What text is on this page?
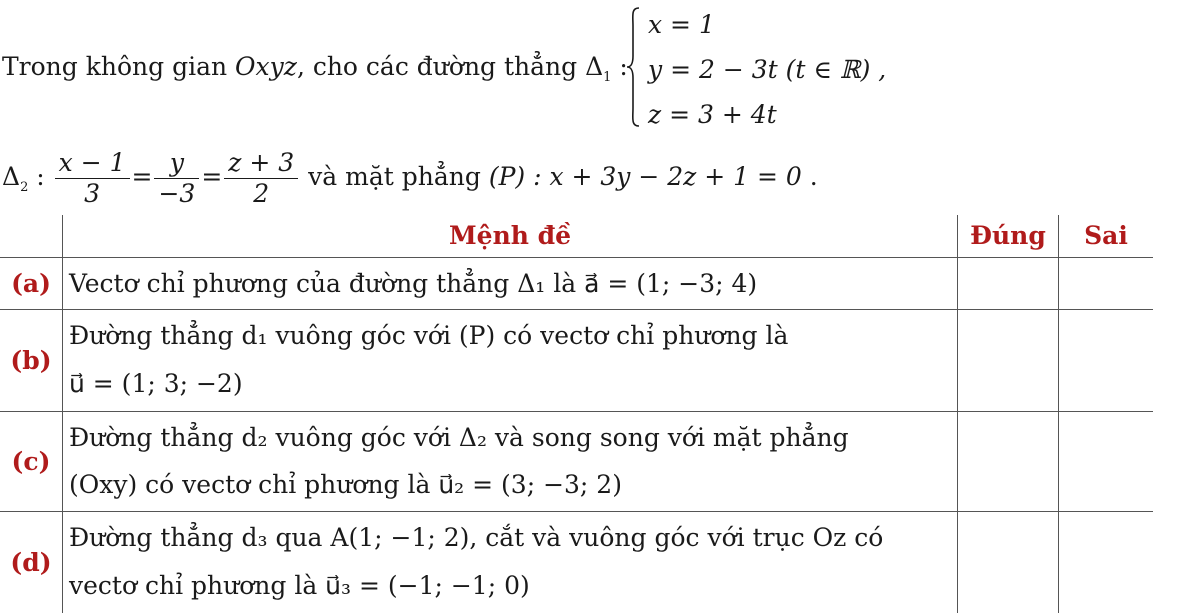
Trong không gian Oxyz, cho các đường thẳng $\Delta_1$ :
x = 1
y = 2 − 3t (t ∈ ℝ) ,
z = 3 + 4t
$\Delta_2$ : $\frac{x - 1}{3} = \frac{y}{-3} = \frac{z + 3}{2}$ và mặt phẳng (P) : x + 3y − 2z + 1 = 0 .
	Mệnh đề	Đúng	Sai
(a)	Vectơ chỉ phương của đường thẳng Δ₁ là a⃗ = (1; −3; 4)		

(b)	Đường thẳng d₁ vuông góc với (P) có vectơ chỉ phương là
u⃗ = (1; 3; −2)		

(c)	Đường thẳng d₂ vuông góc với Δ₂ và song song với mặt phẳng
(Oxy) có vectơ chỉ phương là u⃗₂ = (3; −3; 2)		

(d)	Đường thẳng d₃ qua A(1; −1; 2), cắt và vuông góc với trục Oz có
vectơ chỉ phương là u⃗₃ = (−1; −1; 0)		
